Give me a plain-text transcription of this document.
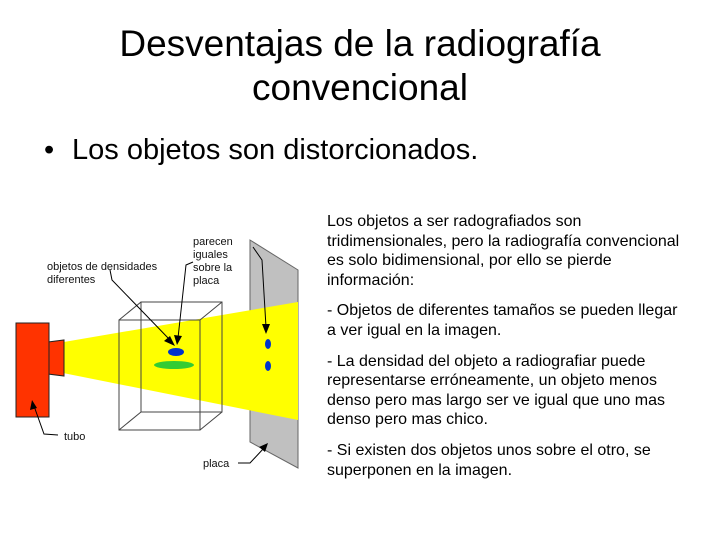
Desventajas de la radiografía
convencional
• Los objetos son distorcionados.
objetos de densidades diferentes
parecen iguales sobre la placa
tubo
placa

Los objetos a ser radografiados son tridimensionales, pero la radiografía convencional es solo bidimensional, por ello se pierde información:

- Objetos de diferentes tamaños se pueden llegar a ver igual en la imagen.

- La densidad del objeto a radiografiar puede representarse erróneamente, un objeto menos denso pero mas largo ser ve igual que uno mas denso pero mas chico.

- Si existen dos objetos unos sobre el otro, se superponen en la imagen.
